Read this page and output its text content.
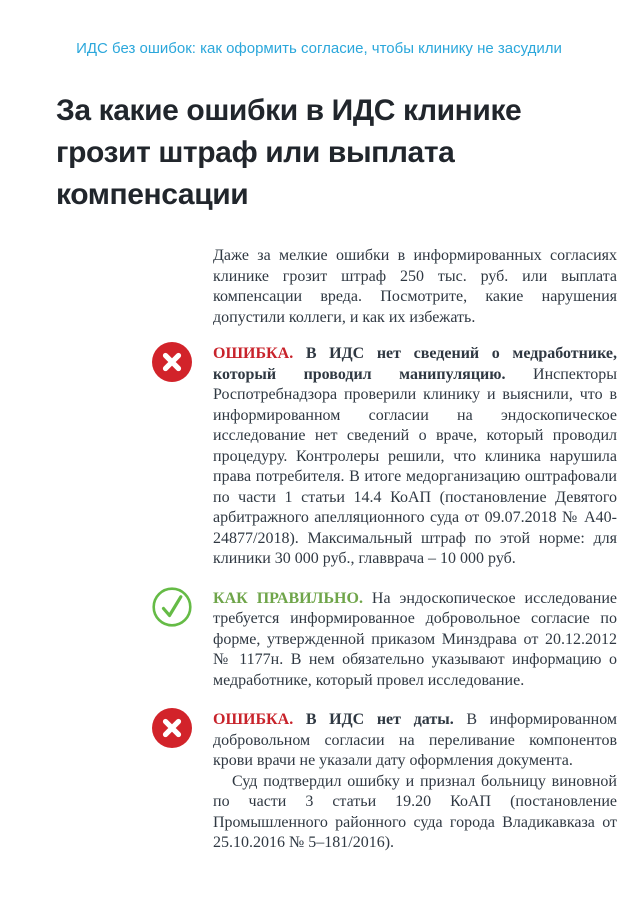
ИДС без ошибок: как оформить согласие, чтобы клинику не засудили
За какие ошибки в ИДС клинике грозит штраф или выплата компенсации

Даже за мелкие ошибки в информированных согласиях клинике грозит штраф 250 тыс. руб. или выплата компенсации вреда. Посмотрите, какие нарушения допустили коллеги, и как их избежать.

ОШИБКА. В ИДС нет сведений о медработнике, который проводил манипуляцию. Инспекторы Роспотребнадзора проверили клинику и выяснили, что в информированном согласии на эндоскопическое исследование нет сведений о враче, который проводил процедуру. Контролеры решили, что клиника нарушила права потребителя. В итоге медорганизацию оштрафовали по части 1 статьи 14.4 КоАП (постановление Девятого арбитражного апелляционного суда от 09.07.2018 № А40-24877/2018). Максимальный штраф по этой норме: для клиники 30 000 руб., главврача – 10 000 руб.

КАК ПРАВИЛЬНО. На эндоскопическое исследование требуется информированное добровольное согласие по форме, утвержденной приказом Минздрава от 20.12.2012 № 1177н. В нем обязательно указывают информацию о медработнике, который провел исследование.

ОШИБКА. В ИДС нет даты. В информированном добровольном согласии на переливание компонентов крови врачи не указали дату оформления документа.

Суд подтвердил ошибку и признал больницу виновной по части 3 статьи 19.20 КоАП (постановление Промышленного районного суда города Владикавказа от 25.10.2016 № 5–181/2016).
